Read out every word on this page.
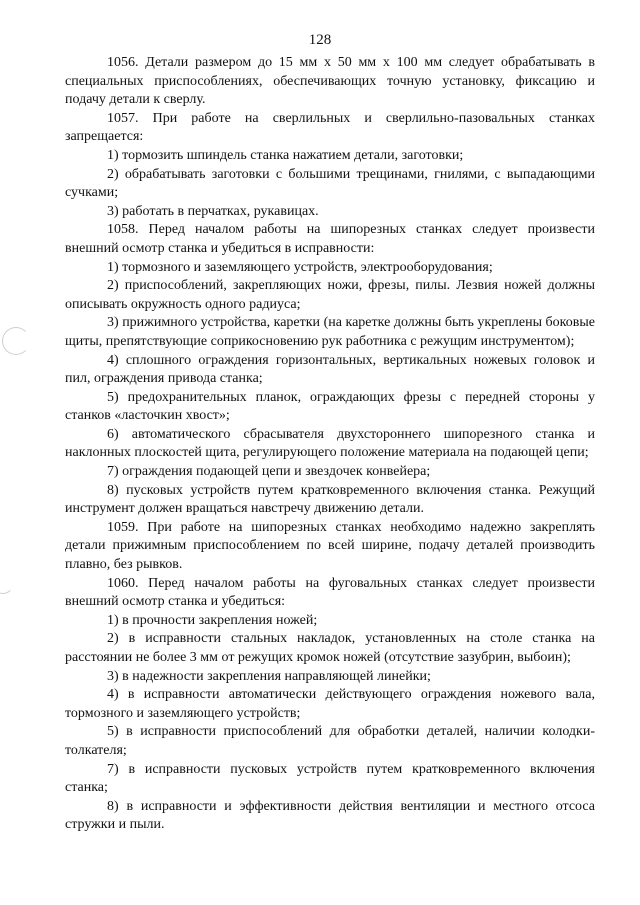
128

1056. Детали размером до 15 мм х 50 мм х 100 мм следует обрабатывать в специальных приспособлениях, обеспечивающих точную установку, фиксацию и подачу детали к сверлу.

1057. При работе на сверлильных и сверлильно-пазовальных станках запрещается:

1) тормозить шпиндель станка нажатием детали, заготовки;

2) обрабатывать заготовки с большими трещинами, гнилями, с выпадающими сучками;

3) работать в перчатках, рукавицах.

1058. Перед началом работы на шипорезных станках следует произвести внешний осмотр станка и убедиться в исправности:

1) тормозного и заземляющего устройств, электрооборудования;

2) приспособлений, закрепляющих ножи, фрезы, пилы. Лезвия ножей должны описывать окружность одного радиуса;

3) прижимного устройства, каретки (на каретке должны быть укреплены боковые щиты, препятствующие соприкосновению рук работника с режущим инструментом);

4) сплошного ограждения горизонтальных, вертикальных ножевых головок и пил, ограждения привода станка;

5) предохранительных планок, ограждающих фрезы с передней стороны у станков «ласточкин хвост»;

6) автоматического сбрасывателя двухстороннего шипорезного станка и наклонных плоскостей щита, регулирующего положение материала на подающей цепи;

7) ограждения подающей цепи и звездочек конвейера;

8) пусковых устройств путем кратковременного включения станка. Режущий инструмент должен вращаться навстречу движению детали.

1059. При работе на шипорезных станках необходимо надежно закреплять детали прижимным приспособлением по всей ширине, подачу деталей производить плавно, без рывков.

1060. Перед началом работы на фуговальных станках следует произвести внешний осмотр станка и убедиться:

1) в прочности закрепления ножей;

2) в исправности стальных накладок, установленных на столе станка на расстоянии не более 3 мм от режущих кромок ножей (отсутствие зазубрин, выбоин);

3) в надежности закрепления направляющей линейки;

4) в исправности автоматически действующего ограждения ножевого вала, тормозного и заземляющего устройств;

5) в исправности приспособлений для обработки деталей, наличии колодки-толкателя;

7) в исправности пусковых устройств путем кратковременного включения станка;

8) в исправности и эффективности действия вентиляции и местного отсоса стружки и пыли.
